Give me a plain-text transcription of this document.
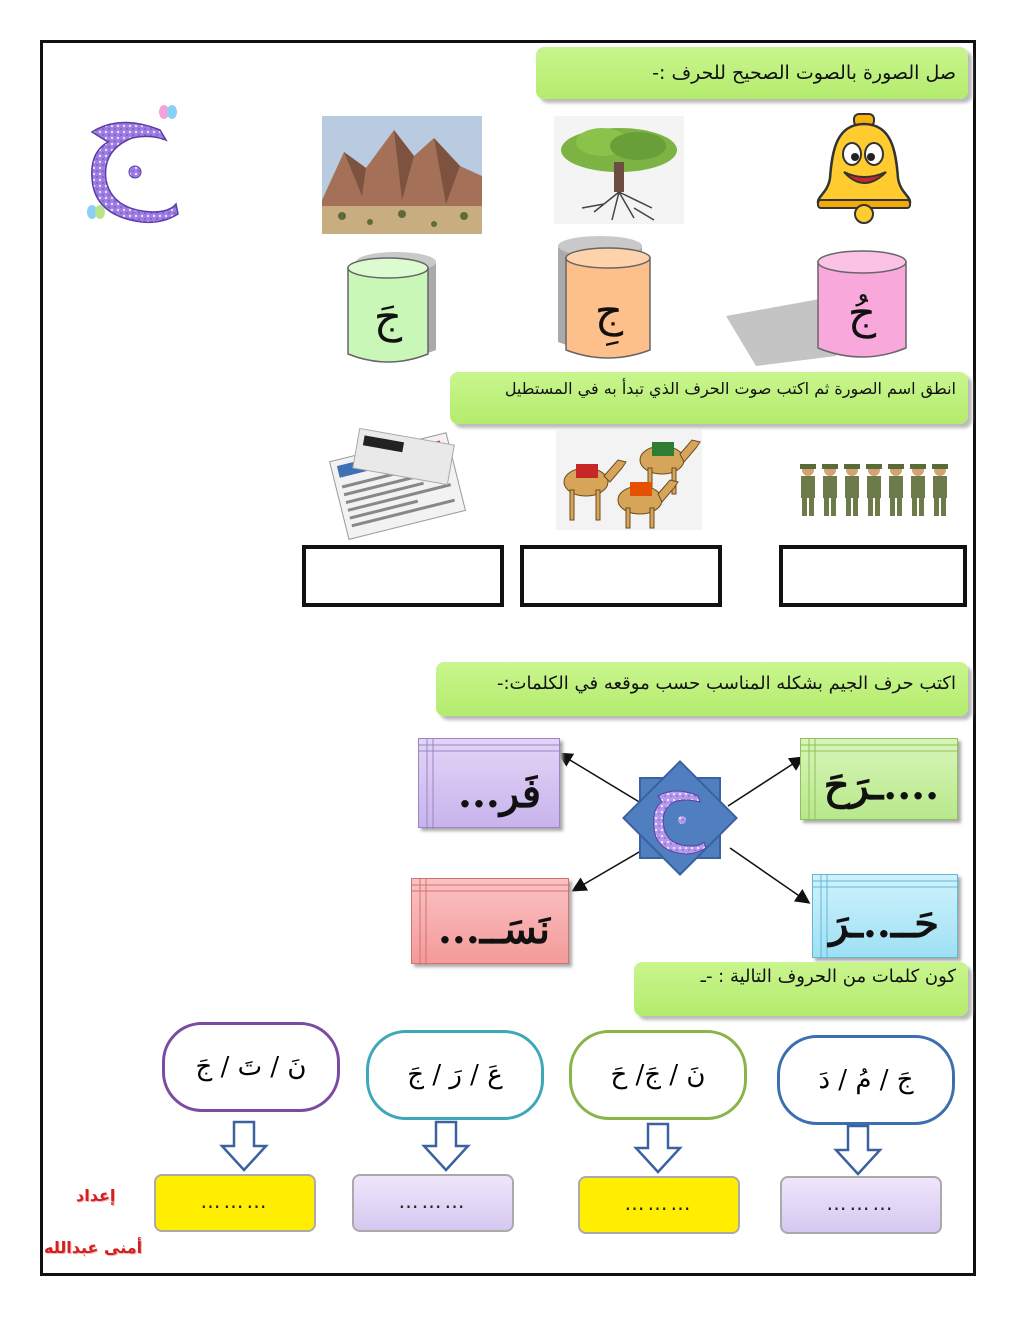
صل الصورة بالصوت الصحيح للحرف :-
جَ	جِ	جُ
انطق اسم الصورة ثم اكتب صوت الحرف الذي تبدأ به في المستطيل
اكتب حرف الجيم بشكله المناسب حسب موقعه في الكلمات:-
فَر...	....ـرَحَ
نَسَــ...	حَــ..ـرَ
كون كلمات من الحروف التالية : -ـ
جَ / مُ / دَ
نَ / جَ/ حَ
عَ / رَ / جَ
نَ / تَ / جَ
………
………
………
………
إعداد
أمنى عبدالله
